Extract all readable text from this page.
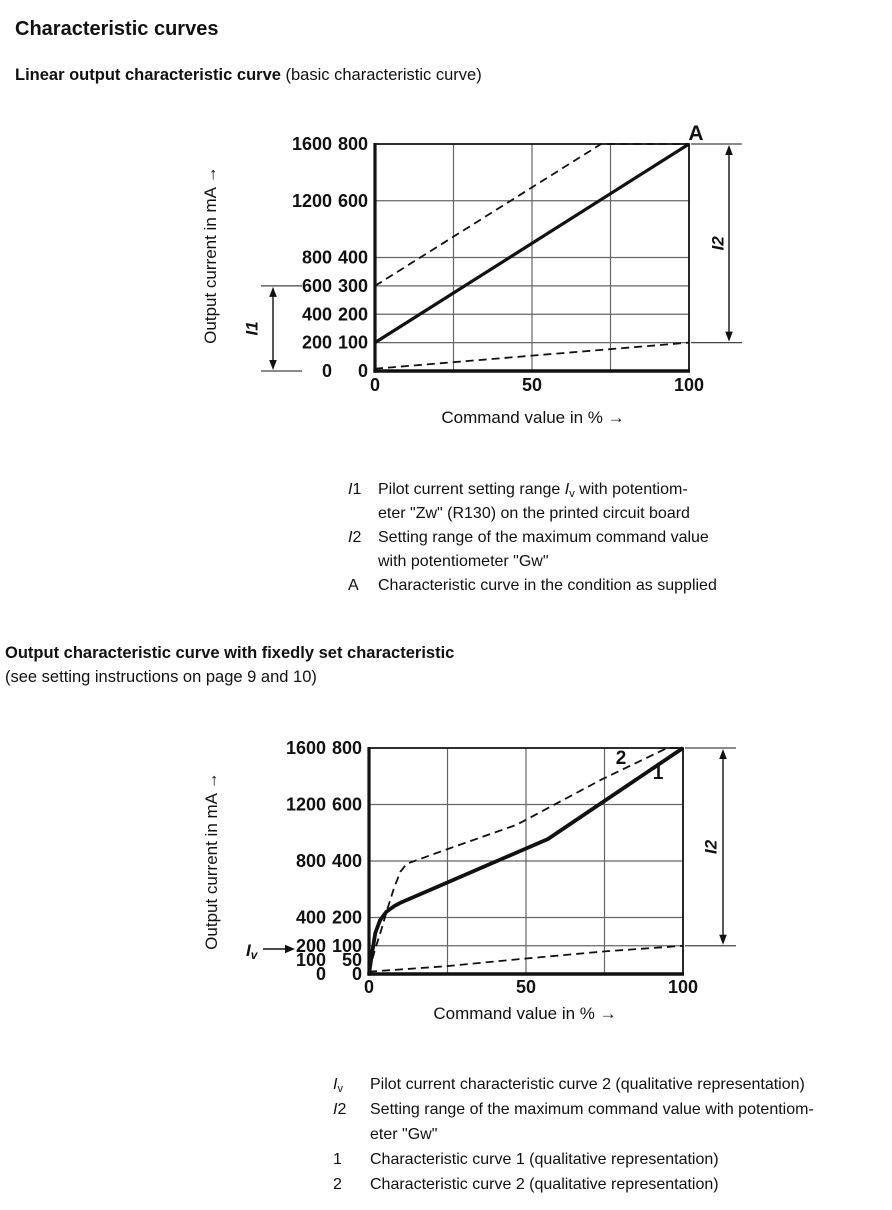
Characteristic curves
Linear output characteristic curve (basic characteristic curve)
1600 800
1200 600
800 400
600 300
400 200
200 100
0 0
0	50	100
I1
I2
A
Command value in % →
Output current in mA →
I1	Pilot current setting range $I_v$ with potentiom-
eter "Zw" (R130) on the printed circuit board
I2	Setting range of the maximum command value
with potentiometer "Gw"
A	Characteristic curve in the condition as supplied
Output characteristic curve with fixedly set characteristic
(see setting instructions on page 9 and 10)
1600 800
1200 600
800 400
400 200
200 100
100 50
0 0
0	50	100
I2
2
1
Iv
Command value in % →
Output current in mA →
$I_v$	Pilot current characteristic curve 2 (qualitative representation)
I2	Setting range of the maximum command value with potentiom-
eter "Gw"
1	Characteristic curve 1 (qualitative representation)
2	Characteristic curve 2 (qualitative representation)
